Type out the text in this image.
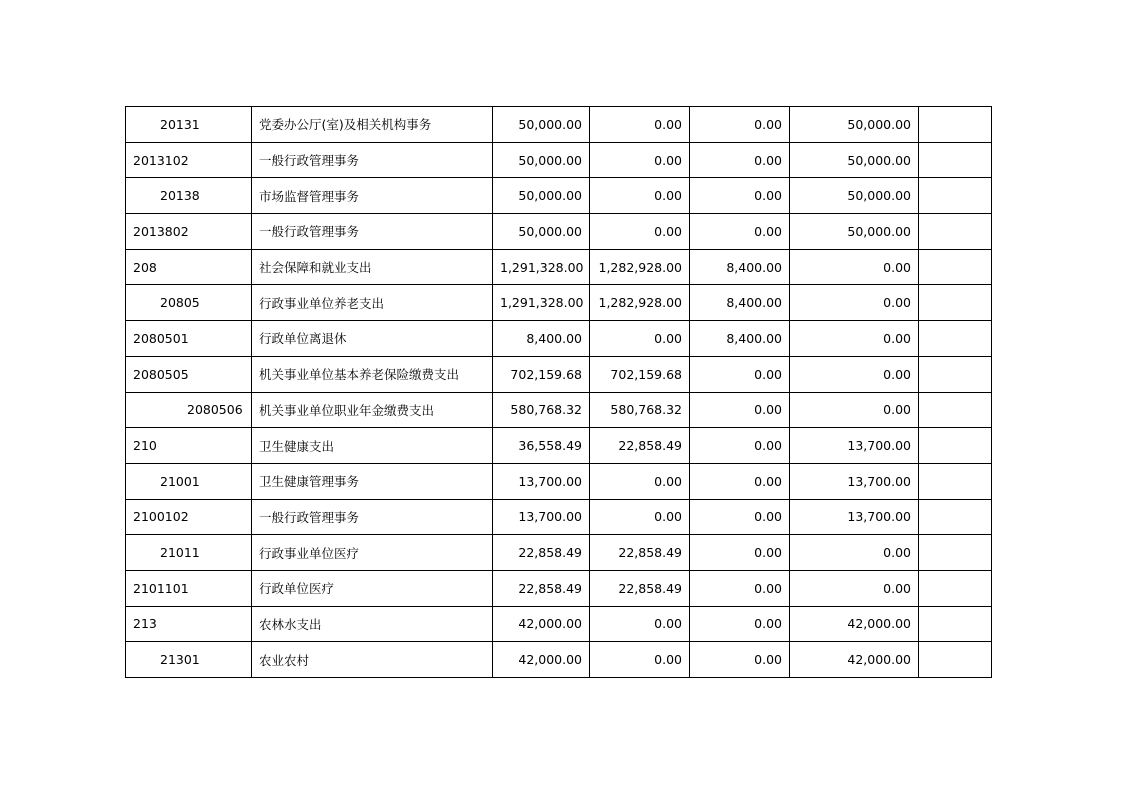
20131	党委办公厅(室)及相关机构事务	50,000.00	0.00	0.00	50,000.00	
2013102	一般行政管理事务	50,000.00	0.00	0.00	50,000.00	
20138	市场监督管理事务	50,000.00	0.00	0.00	50,000.00	
2013802	一般行政管理事务	50,000.00	0.00	0.00	50,000.00	
208	社会保障和就业支出	1,291,328.00	1,282,928.00	8,400.00	0.00	
20805	行政事业单位养老支出	1,291,328.00	1,282,928.00	8,400.00	0.00	
2080501	行政单位离退休	8,400.00	0.00	8,400.00	0.00	
2080505	机关事业单位基本养老保险缴费支出	702,159.68	702,159.68	0.00	0.00	
2080506	机关事业单位职业年金缴费支出	580,768.32	580,768.32	0.00	0.00	
210	卫生健康支出	36,558.49	22,858.49	0.00	13,700.00	
21001	卫生健康管理事务	13,700.00	0.00	0.00	13,700.00	
2100102	一般行政管理事务	13,700.00	0.00	0.00	13,700.00	
21011	行政事业单位医疗	22,858.49	22,858.49	0.00	0.00	
2101101	行政单位医疗	22,858.49	22,858.49	0.00	0.00	
213	农林水支出	42,000.00	0.00	0.00	42,000.00	
21301	农业农村	42,000.00	0.00	0.00	42,000.00	
